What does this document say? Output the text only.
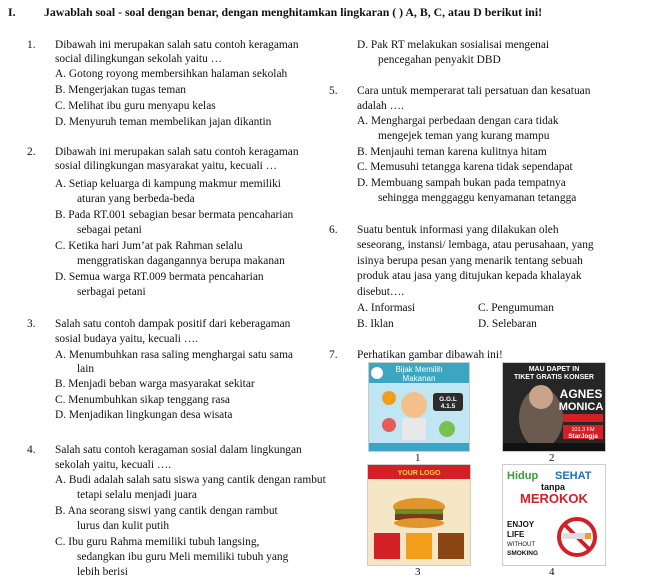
I. Jawablah soal - soal dengan benar, dengan menghitamkan lingkaran ( ) A, B, C, atau D berikut ini!
1. Dibawah ini merupakan salah satu contoh keragaman
social dilingkungan sekolah yaitu …
A. Gotong royong membersihkan halaman sekolah
B. Mengerjakan tugas teman
C. Melihat ibu guru menyapu kelas
D. Menyuruh teman membelikan jajan dikantin
2. Dibawah ini merupakan salah satu contoh keragaman
sosial dilingkungan masyarakat yaitu, kecuali …
A. Setiap keluarga di kampung makmur memiliki
aturan yang berbeda-beda
B. Pada RT.001 sebagian besar bermata pencaharian
sebagai petani
C. Ketika hari Jum’at pak Rahman selalu
menggratiskan dagangannya berupa makanan
D. Semua warga RT.009 bermata pencaharian
serbagai petani
3. Salah satu contoh dampak positif dari keberagaman
sosial budaya yaitu, kecuali ….
A. Menumbuhkan rasa saling menghargai satu sama
lain
B. Menjadi beban warga masyarakat sekitar
C. Menumbuhkan sikap tenggang rasa
D. Menjadikan lingkungan desa wisata
4. Salah satu contoh keragaman sosial dalam lingkungan
sekolah yaitu, kecuali ….
A. Budi adalah salah satu siswa yang cantik dengan rambut
tetapi selalu menjadi juara
B. Ana seorang siswi yang cantik dengan rambut
lurus dan kulit putih
C. Ibu guru Rahma memiliki tubuh langsing,
sedangkan ibu guru Meli memiliki tubuh yang
lebih berisi
D. Pak RT melakukan sosialisai mengenai
pencegahan penyakit DBD
5. Cara untuk memperarat tali persatuan dan kesatuan
adalah ….
A. Menghargai perbedaan dengan cara tidak
mengejek teman yang kurang mampu
B. Menjauhi teman karena kulitnya hitam
C. Memusuhi tetangga karena tidak sependapat
D. Membuang sampah bukan pada tempatnya
sehingga menggaggu kenyamanan tetangga
6. Suatu bentuk informasi yang dilakukan oleh
seseorang, instansi/ lembaga, atau perusahaan, yang
isinya berupa pesan yang menarik tentang sebuah
produk atau jasa yang ditujukan kepada khalayak
disebut….
A. Informasi	C. Pengumuman
B. Iklan	D. Selebaran
7. Perhatikan gambar dibawah ini!
Bijak Memilih
Makanan
G.G.L
4.1.5
1
MAU DAPET IN
TIKET GRATIS KONSER
AGNES
MONICA
101.3 FM
StarJogja
2
YOUR LOGO
3
Hidup SEHAT
tanpa
MEROKOK
ENJOY
LIFE
WITHOUT
SMOKING
4
